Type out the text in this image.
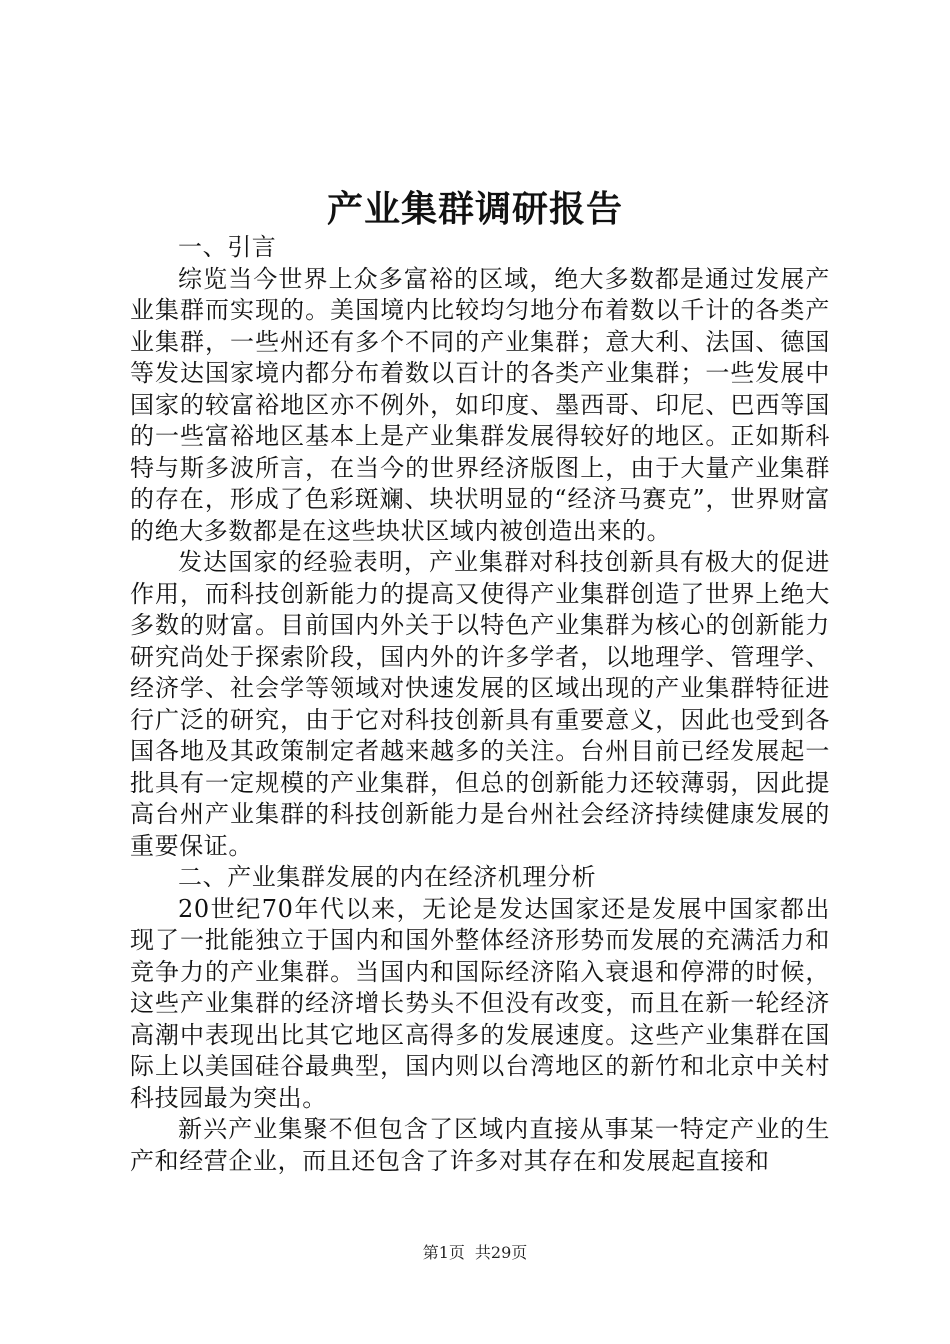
产业集群调研报告

一、引言

综览当今世界上众多富裕的区域，绝大多数都是通过发展产业集群而实现的。美国境内比较均匀地分布着数以千计的各类产业集群，一些州还有多个不同的产业集群；意大利、法国、德国等发达国家境内都分布着数以百计的各类产业集群；一些发展中国家的较富裕地区亦不例外，如印度、墨西哥、印尼、巴西等国的一些富裕地区基本上是产业集群发展得较好的地区。正如斯科特与斯多波所言，在当今的世界经济版图上，由于大量产业集群的存在，形成了色彩斑斓、块状明显的“经济马赛克”，世界财富的绝大多数都是在这些块状区域内被创造出来的。

发达国家的经验表明，产业集群对科技创新具有极大的促进作用，而科技创新能力的提高又使得产业集群创造了世界上绝大多数的财富。目前国内外关于以特色产业集群为核心的创新能力研究尚处于探索阶段，国内外的许多学者，以地理学、管理学、经济学、社会学等领域对快速发展的区域出现的产业集群特征进行广泛的研究，由于它对科技创新具有重要意义，因此也受到各国各地及其政策制定者越来越多的关注。台州目前已经发展起一批具有一定规模的产业集群，但总的创新能力还较薄弱，因此提高台州产业集群的科技创新能力是台州社会经济持续健康发展的重要保证。

二、产业集群发展的内在经济机理分析

20世纪70年代以来，无论是发达国家还是发展中国家都出现了一批能独立于国内和国外整体经济形势而发展的充满活力和竞争力的产业集群。当国内和国际经济陷入衰退和停滞的时候，这些产业集群的经济增长势头不但没有改变，而且在新一轮经济高潮中表现出比其它地区高得多的发展速度。这些产业集群在国际上以美国硅谷最典型，国内则以台湾地区的新竹和北京中关村科技园最为突出。

新兴产业集聚不但包含了区域内直接从事某一特定产业的生产和经营企业，而且还包含了许多对其存在和发展起直接和

第1页 共29页
